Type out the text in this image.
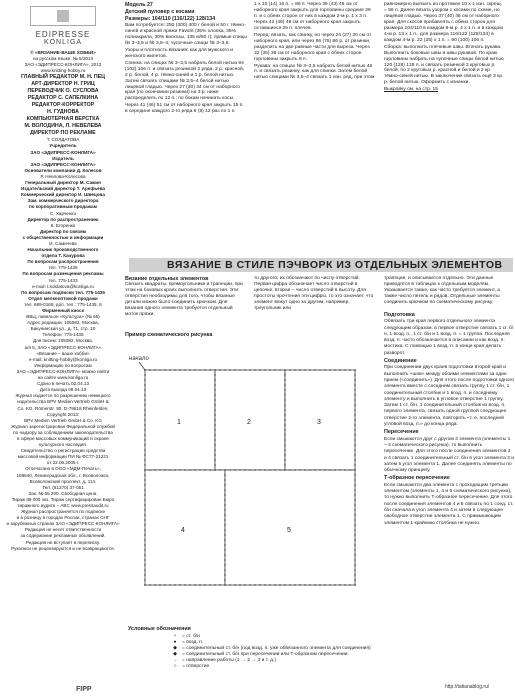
EDIPRESSE
KONLIGA

© «ВЯЗАНИЕ-ВАШЕ ХОББИ»

на русском языке, № 5/2013

ЗАО «ЭДИПРЕСС-КОНЛИГА», 2013

www.knitting-hobby.ru

ГЛАВНЫЙ РЕДАКТОР М. Н. ПЕЦ

АРТ-ДИРЕКТОР Н. ГРИЦ

ПЕРЕВОДЧИК О. СУСЛОВА

РЕДАКТОР С. САПЕЛКИНА

РЕДАКТОР-КОРРЕКТОР

Н. ГУДНОВА

КОМПЬЮТЕРНАЯ ВЕРСТКА

М. ВОЛОДИНА, Л. НЕВЕЛЕВА

ДИРЕКТОР ПО РЕКЛАМЕ

Т. СОЛДАТОВА

Учредитель

ЗАО «ЭДИПРЕСС-КОНЛИГА»

Издатель

ЗАО «ЭДИПРЕСС-КОНЛИГА»

Основатели компании Д. Колесов

Р. Неелова-Колесова

Генеральный директор М. Сажин

Издательский директор Т. Арефьева

Коммерческий директор И. Швецова

Зам. коммерческого директора

по корпоративным продажам

С. Харченко

Директор по распространению

К. Егоренко

Директор по связям

с общественностью и информации

И. Самичева

Начальник производственного

отдела Т. Качурова

По вопросам распространения

тел. 775-1435

По вопросам размещения рекламы

тел. 775-1433

e-mail: t.soldatova@konliga.ru

По вопросам подписки тел. 775-1435

Отдел мелкооптовой продажи

тел. 689-0166; доп. тел.: 775-1435, 8

Фирменный киоск

ВВЦ, павильон «Культура» (№ 66)

Адрес редакции: 105082, Москва,

Бакунинская ул., д. 71, стр. 10

Телефон: 775-1435

Для писем: 105082, Москва,

а/я 5, ЗАО «ЭДИПРЕСС-КОНЛИГА»

«Вязание – ваше хобби»

e-mail: knitting-hobby@konliga.ru

Информацию по вопросам

ЗАО «ЭДИПРЕСС-КОНЛИГА» можно найти

на сайте www.konliga.ru

Сдано в печать 02.04.13

Дата выхода 08.04.13

Журнал издается по разрешению немецкого

издательства BPV Medien Vertrieb GmbH &

Co. KG, Römerstr. 90, D-79618 Rheinfelden,

Copyright 2013:

BPV Medien Vertrieb GmbH & Co. KG

Журнал зарегистрирован Федеральной службой

по надзору за соблюдением законодательства

в сфере массовых коммуникаций и охране

культурного наследия.

Свидетельство о регистрации средства

массовой информации ПИ № ФС77-21221

от 22.06.2005 г.

Отпечатано в ООО «МДМ-Печать»,

188640, Ленинградская обл., г. Всеволожск,

Всеволожский проспект, д. 114.

Тел. (81370) 37-051

Зак. № 65 200. Свободная цена.

Тираж 89 000 экз. Тираж сертифицирован Бюро

тиражного аудита – ABC www.pressaudit.ru

Журнал распространяется по подписке

и в розницу в городах России, странах СНГ

и зарубежных странах ЗАО «ЭДИПРЕСС-КОНЛИГА»

Редакция не несет ответственности

за содержание рекламных объявлений.

Редакция не вступает в переписку.

Рукописи не рецензируются и не возвращаются.

FIPP

Модель 27

Детский пуловер с косами

Размеры: 104/110 (116/122) 128/134

Вам потребуется: 250 (300) 400 г белой и 50 г тёмно-синей и красной пряжи Favorit (35% хлопка, 35% полиакрила, 30% вискозы, 135 м/50 г); прямые спицы № 3–3,5 и № 3,5–4; чулочные спицы № 3–3,5.

Узоры и плотность вязания: как для мужского и женского жилетов.

Спинка: на спицах № 3–3,5 набрать белой нитью 94 (102) 106 п. и связать резинкой 2 ряда, 2 р. красной, 2 р. белой, 4 р. тёмно-синей и 1 р. белой нитью. Затем связать спицами № 3,5–4 белой нитью лицевой гладью. Через 27 (30) 34 см от наборного края (по окончании резинки) на 3 р. ниже распределить по 12 п.; по бокам начинать косы.

Через 41 (46) 51 см от наборного края закрыть 15 п. в середине каждого 2-го ряда 6 (8) 12 раз по 1 п.

1 х 10 (14) 16 п. = 86 п. Через 39 (43) 46 см от наборного края закрыть для горловины средние 26 п. и с обеих сторон от них в каждом 2-м р. 1 х 3 п. Через 42 (46) 49 см от наборного края закрыть оставшиеся 25 п. плечев.

Перед: вязать, как спинку, но через 24 (27) 30 см от наборного края, или через 66 (76) 86 р. от резинки, разделить на две равные части для выреза. Через 32 (35) 38 см от наборного края с обеих сторон горловины закрыть 8 п.

Рукава: на спицах № 3–3,5 набрать белой нитью 46 п. и связать резинку, как для спинки. Затем белой нитью спицами № 3,5–4 связать 1 изн. ряд, при этом

равномерно выязать из протяжек 10 х 1 изн. скрещ. = 56 п. Далее вязать узором с косами по схеме, но лицевой гладью. Через 37 (40) 46 см от наборного края. Для скосов прибавлять с обеих сторон для размера 104/110 в каждом 8-м р. 4 х 1 п. и в каждом 4-м р. 13 х 1 п., для размера 116/122 (128/134) в каждом 4-м р. 22 (25) х 1 п. = 90 (100) 106 п.

Сборка: выполнить плечевые швы. Втачать рукава. Выполнить боковые швы и швы рукавов. По краю горловины набрать на чулочные спицы белой нитью 120 (128) 128 п. и связать резинкой 3 круговых р. белой, по 2 круговых р. красной и белой и 2 кр. тёмно-синей нитью. В заключение связать ещё 3 кр. р. белой нитью. Оформить с изнанки.

Выкройку см. на стр. 15

ВЯЗАНИЕ В СТИЛЕ ПЭЧВОРК ИЗ ОТДЕЛЬНЫХ ЭЛЕМЕНТОВ
Вязание отдельных элементов
Связать квадраты, прямоугольники и трапеции, при этом на боковых краях выполнить отверстия. Эти отверстия необходимы для того, чтобы вязаные детали можно было соединить крючком. Для вязания одного элемента требуется отдельный моток пряжи,
то другого, их обозначают по числу отверстий. Первая цифра обозначает число отверстий в цепочке, вторая – число отверстий в высоту. Для простоты прочтения эти цифры, то это означает, что элемент вяжут одно за другим, например, треугольник или
трапеция, и описывается отдельно. Эти данные приводятся в таблицах к отдельным моделям. Указывается также, как часто требуется элемент, а также число петель и рядов. Отдельные элементы соединить крючком по схематическому рисунку.

Подготовка

Обвязать три края первого отдельного элемента следующим образом: в первое отверстие связать 1 сг. б/н, 1 возд. п., 1 ст. б/н и 1 возд. п. = 1 группа. Последняя возд. п. часто обозначается в описании и как возд. п. мостика. С помощью 1 возд. п. в конце края делать разворот.

Соединение

При соединении двух краев подготовки второй край и выполнить «шов» между обоими элементами за один прием («соединить»). Для этого после подготовки одного элемента вместе с соседним связать группу 1 ст. б/н, 1 соединительный столбик и 1 возд. п. и соседнему элементу и выполнить в угловое отверстие 1 группу. Затем 1 ст. б/н, 1 соединительный столбик из возд. п. первого элемента, связать одной группой следующее отверстие 2-го элемента, повторять «т. е. последней угловой возд. п.» до конца ряда.

Пересечение

Если смыкаются друг с другом 4 элемента (элементы 1 – 4 схематического рисунка), то выполнить пересечение. Для этого после соединения элементов 3 и 4 связать 1 соединительный ст. б/н в угол элемента 3 и затем в угол элемента 1. Далее соединять элементы по обычному принципу.

Т-образное пересечение

Если смыкаются два элемента с проходящим третьим элементом (элементы 1, 4 и 5 схематического рисунка), то нужно выполнить Т-образное пересечение. Для этого после соединения элементов 4 и 5 связать по 1 соед. ст. б/н сначала в угол элемента 4 и затем в следующее свободное отверстие элемента 1. С примыкающим элементом 1 крайнюю столбика не нужно.

Пример схематического рисунка
начало
1	2	3
4	5
Условные обозначения
+	= ст. б/н
●	= возд. п.
◆	= соединительный ст. б/н (под возд. п. уже обвязанного элемента для соединения)
◆	= соединительный ст. б/н при пересечении или Т-образном пересечении
→ = направление работы (1 → 2 → 3 и т. д.)
○	= отверстие
http://tatianablog.ru/
